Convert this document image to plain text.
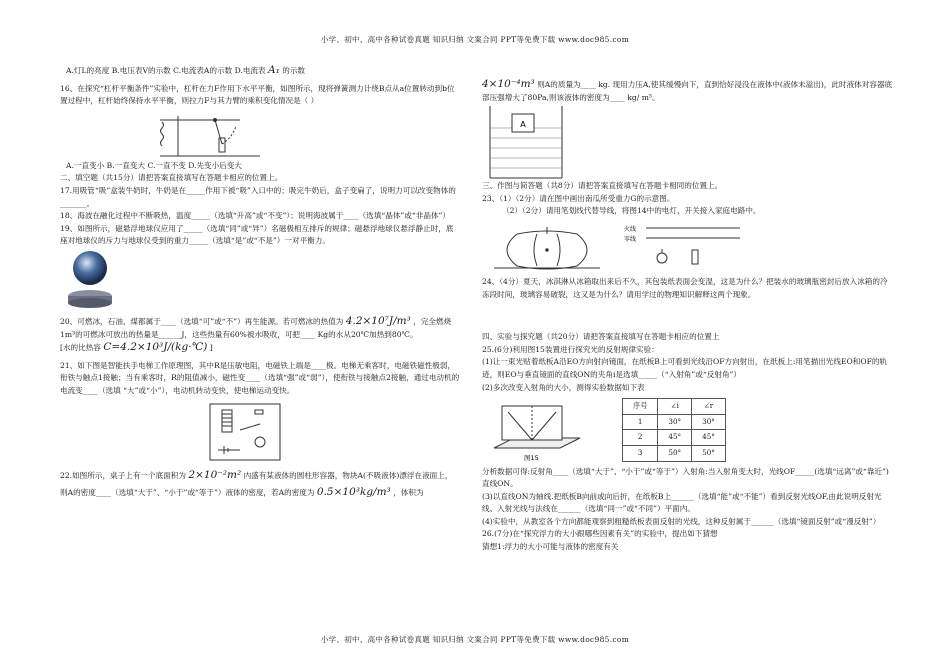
小学、初中、高中各种试卷真题 知识归纳 文案合同 PPT等免费下载 www.doc985.com

A.灯L的亮度 B.电压表V的示数 C.电流表A的示数 D.电流表 A₁ 的示数

16、在探究“杠杆平衡条件”实验中，杠杆在力F作用下水平平衡，如图所示，现将弹簧测力计绕B点从a位置转动到b位置过程中，杠杆始终保持水平平衡，则拉力F与其力臂的乘积变化情况是（ ）

A.一直变小 B.一直变大 C.一直不变 D.先变小后变大

二、填空题（共15分）请把答案直接填写在答题卡相应的位置上。

17.用吸管“吸”盒装牛奶时，牛奶是在_____作用下被“吸”入口中的；吸完牛奶后，盒子变扁了，说明力可以改变物体的_______。

18、海波在融化过程中不断吸热，温度_____（选填“升高”或“不变”）；说明海波属于____（选填“晶体”或“非晶体”）

19、如图所示，磁悬浮地球仪应用了_____（选填“同”或“异”）名磁极相互排斥的规律；磁悬浮地球仪悬浮静止时，底座对地球仪的斥力与地球仪受到的重力_____（选填“是”或“不是”）一对平衡力。

20、可燃冰，石油、煤都属于____（选填“可”或“不”）再生能源。若可燃冰的热值为 4.2×10⁷J/m³ ，完全燃烧1m³的可燃冰可放出的热量是______J，这些热量有60%被水吸收，可把____ Kg的水从20℃加热到80℃。

[水的比热容 C=4.2×10³J/(kg·℃) ]

21、如下图是智能扶手电梯工作原理图，其中R是压敏电阻，电磁铁上端是____极。电梯无乘客时，电磁铁磁性极弱，衔铁与触点1接触；当有乘客时，R的阻值减小，磁性变____（选填“强”或“弱”），使衔铁与接触点2接触，通过电动机的电流变____（选填 “大”或“小”），电动机转动变快，使电梯运动变快。

22.如图所示，桌子上有一个底面积为 2×10⁻²m² 内盛有某液体的圆柱形容器，物块A(不吸液体)漂浮在液面上，则A的密度____（选填“大于”、“小于”或“等于”）液体的密度，若A的密度为 0.5×10³kg/m³ ，体积为

4×10⁻⁴m³ 则A的质量为____ kg. 现用力压A,使其缓慢向下，直到恰好浸没在液体中(液体未溢出)，此时液体对容器底部压强增大了80Pa,则该液体的密度为____ kg/ m³。

A

三、作图与简答题（共8分）请把答案直接填写在答题卡相同的位置上。

23、（1）（2分）请在图中画出南瓜所受重力G的示意图。

（2）（2分）请用笔划线代替导线，将图14中的电灯，开关接入家庭电路中。

火线
零线

24、（4分）夏天，冰淇淋从冰箱取出来后不久，其包装纸表面会变湿，这是为什么？把装水的玻璃瓶密封后放入冰箱的冷冻段时间，玻璃容易破裂，这又是为什么？请用学过的物理知识解释这两个现象。

四、实验与探究题（共20分）请把答案直接填写在答题卡相应的位置上

25.(6分)利用图15装置进行探究光的反射规律实验：

(1)让一束光贴着纸板A沿EO方向射向镜面，在纸板B上可看到光线沿OF方向射出，在纸板上:用笔描出光线EO和OF的轨迹，则EO与垂直镜面的直线ON的夹角i是选填_____（“入射角”或“反射角”）

(2)多次改变入射角的大小，测得实验数据如下表

图15
序号	∠i	∠r
1	30°	30°
2	45°	45°
3	50°	50°

分析数据可得:反射角____（选填“大于”、“小于”或“等于”）入射角:当入射角变大时，光线OF_____(选填“远离”或“靠近”)直线ON。

(3)以直线ON为轴线.把纸板B向前或向后折，在纸板B上______（选填“能”或“不能”）看到反射光线OF,由此说明反射光线、入射光线与法线在______（选填“同一”或“不同”）平面内。

(4)实验中，从教室各个方向都能观察到粗糙纸板表面反射的光线，这种反射属于______（选填“镜面反射”或“漫反射”）

26.(7分)在“探究浮力的大小跟哪些因素有关”的实验中，提出如下猜想

猜想1:浮力的大小可能与液体的密度有关

小学、初中、高中各种试卷真题 知识归纳 文案合同 PPT等免费下载 www.doc985.com
